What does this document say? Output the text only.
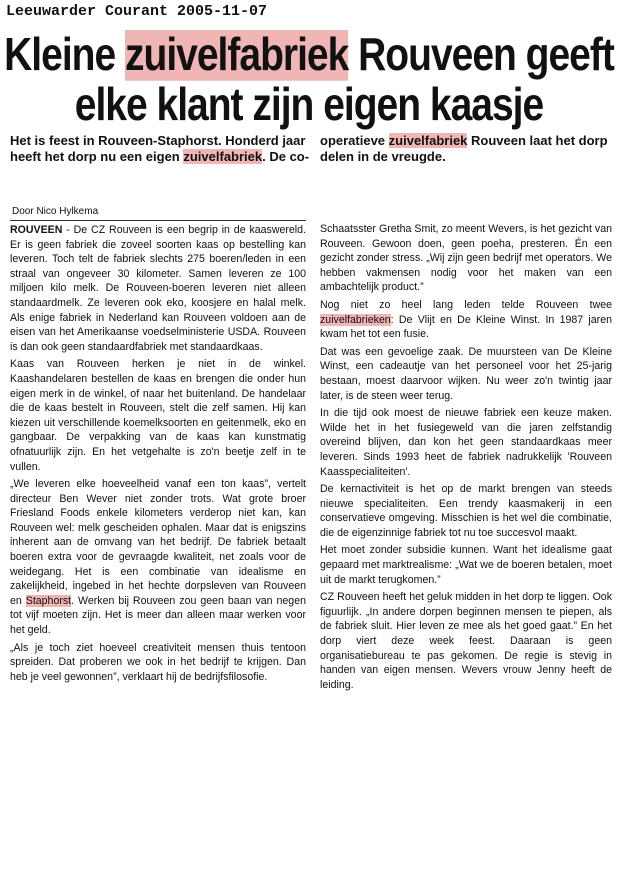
Leeuwarder Courant 2005-11-07
Kleine zuivelfabriek Rouveen geeft
elke klant zijn eigen kaasje
Het is feest in Rouveen-Staphorst. Honderd jaar heeft het dorp nu een eigen zuivelfabriek. De co-
operatieve zuivelfabriek Rouveen laat het dorp delen in de vreugde.
Door Nico Hylkema

ROUVEEN - De CZ Rouveen is een begrip in de kaaswereld. Er is geen fabriek die zoveel soorten kaas op bestelling kan leveren. Toch telt de fabriek slechts 275 boeren/leden in een straal van ongeveer 30 kilometer. Samen leveren ze 100 miljoen kilo melk. De Rouveen-boeren leveren niet alleen standaardmelk. Ze leveren ook eko, koosjere en halal melk. Als enige fabriek in Nederland kan Rouveen voldoen aan de eisen van het Amerikaanse voedselministerie USDA. Rouveen is dan ook geen standaardfabriek met standaardkaas.

Kaas van Rouveen herken je niet in de winkel. Kaashandelaren bestellen de kaas en brengen die onder hun eigen merk in de winkel, of naar het buitenland. De handelaar die de kaas bestelt in Rouveen, stelt die zelf samen. Hij kan kiezen uit verschillende koemelksoorten en geitenmelk, eko en gangbaar. De verpakking van de kaas kan kunstmatig ofnatuurlijk zijn. En het vetgehalte is zo'n beetje zelf in te vullen.

„We leveren elke hoeveelheid vanaf een ton kaas”, vertelt directeur Ben Wever niet zonder trots. Wat grote broer Friesland Foods enkele kilometers verderop niet kan, kan Rouveen wel: melk gescheiden ophalen. Maar dat is enigszins inherent aan de omvang van het bedrijf. De fabriek betaalt boeren extra voor de gevraagde kwaliteit, net zoals voor de weidegang. Het is een combinatie van idealisme en zakelijkheid, ingebed in het hechte dorpsleven van Rouveen en Staphorst. Werken bij Rouveen zou geen baan van negen tot vijf moeten zijn. Het is meer dan alleen maar werken voor het geld.

„Als je toch ziet hoeveel creativiteit mensen thuis tentoon spreiden. Dat proberen we ook in het bedrijf te krijgen. Dan heb je veel gewonnen”, verklaart hij de bedrijfsfilosofie.

Schaatsster Gretha Smit, zo meent Wevers, is het gezicht van Rouveen. Gewoon doen, geen poeha, presteren. Én een gezicht zonder stress. „Wij zijn geen bedrijf met operators. We hebben vakmensen nodig voor het maken van een ambachtelijk product.”

Nog niet zo heel lang leden telde Rouveen twee zuivelfabrieken: De Vlijt en De Kleine Winst. In 1987 jaren kwam het tot een fusie.

Dat was een gevoelige zaak. De muursteen van De Kleine Winst, een cadeautje van het personeel voor het 25-jarig bestaan, moest daarvoor wijken. Nu weer zo'n twintig jaar later, is de steen weer terug.

In die tijd ook moest de nieuwe fabriek een keuze maken. Wilde het in het fusiegeweld van die jaren zelfstandig overeind blijven, dan kon het geen standaardkaas meer leveren. Sinds 1993 heet de fabriek nadrukkelijk 'Rouveen Kaasspecialiteiten'.

De kernactiviteit is het op de markt brengen van steeds nieuwe specialiteiten. Een trendy kaasmakerij in een conservatieve omgeving. Misschien is het wel die combinatie, die de eigenzinnige fabriek tot nu toe succesvol maakt.

Het moet zonder subsidie kunnen. Want het idealisme gaat gepaard met marktrealisme: „Wat we de boeren betalen, moet uit de markt terugkomen.”

CZ Rouveen heeft het geluk midden in het dorp te liggen. Ook figuurlijk. „In andere dorpen beginnen mensen te piepen, als de fabriek sluit. Hier leven ze mee als het goed gaat.” En het dorp viert deze week feest. Daaraan is geen organisatiebureau te pas gekomen. De regie is stevig in handen van eigen mensen. Wevers vrouw Jenny heeft de leiding.
